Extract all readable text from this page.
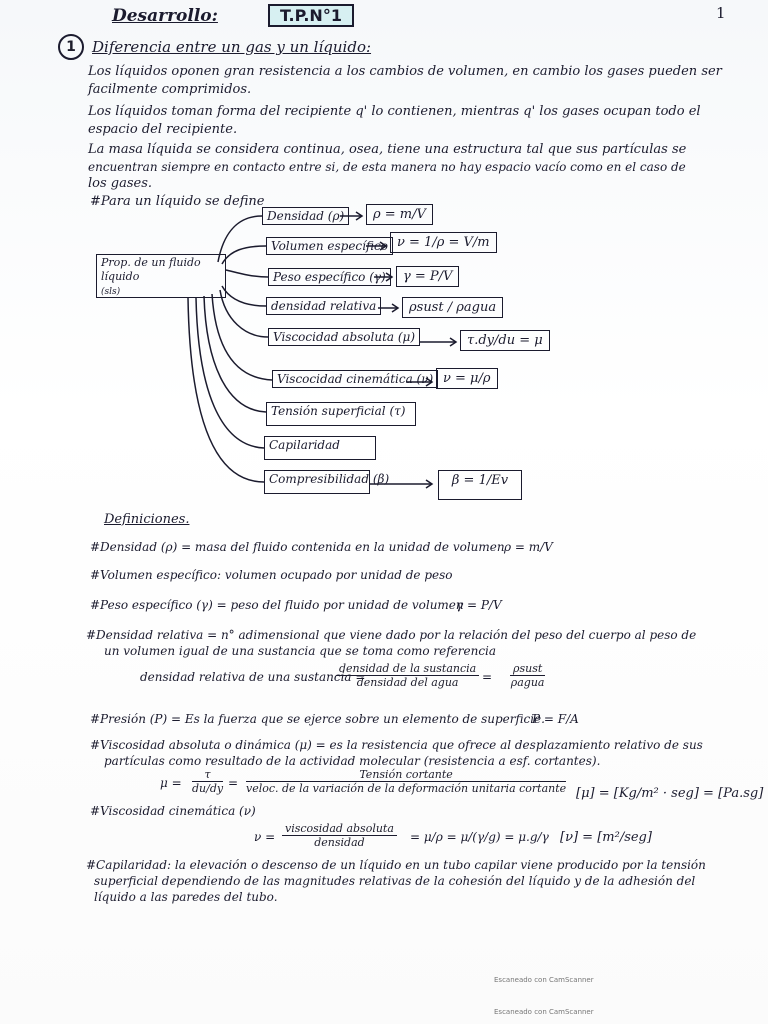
Desarrollo:	T.P.N°1	1
1	Diferencia entre un gas y un líquido:
Los líquidos oponen gran resistencia a los cambios de volumen, en cambio los gases pueden ser
facilmente comprimidos.
Los líquidos toman forma del recipiente q' lo contienen, mientras q' los gases ocupan todo el
espacio del recipiente.
La masa líquida se considera continua, osea, tiene una estructura tal que sus partículas se
encuentran siempre en contacto entre si, de esta manera no hay espacio vacío como en el caso de
los gases.
#Para un líquido se define
Prop. de un fluido líquido
(sls)
Densidad (ρ)	ρ = m/V
Volumen específico ν = 1/ρ = V/m
Peso específico (γ)	γ = P/V
densidad relativa	ρsust / ρagua
Viscocidad absoluta (μ)	τ.dy/du = μ
Viscocidad cinemática (ν) ν = μ/ρ
Tensión superficial (τ)
Capilaridad
Compresibilidad (β)	β = 1/Ev
Definiciones.
#Densidad (ρ) = masa del fluido contenida en la unidad de volumen ρ = m/V
#Volumen específico: volumen ocupado por unidad de peso
#Peso específico (γ) = peso del fluido por unidad de volumen
γ = P/V
#Densidad relativa = n° adimensional que viene dado por la relación del peso del cuerpo al peso de
un volumen igual de una sustancia que se toma como referencia
densidad relativa de una sustancia =
densidad de la sustancia
densidad del agua	=
ρsust
ρagua
#Presión (P) = Es la fuerza que se ejerce sobre un elemento de superficie.
P = F/A
#Viscosidad absoluta o dinámica (μ) = es la resistencia que ofrece al desplazamiento relativo de sus
partículas como resultado de la actividad molecular (resistencia a esf. cortantes).
$\mu = \frac{\tau}{du/dy}$ =
Tensión cortante
veloc. de la variación de la deformación unitaria cortante [μ] = [Kg/m² · seg] = [Pa.sg]
#Viscosidad cinemática (ν)
ν =
viscosidad absoluta
densidad	= μ/ρ = μ/(γ/g) = μ.g/γ [ν] = [m²/seg]
#Capilaridad: la elevación o descenso de un líquido en un tubo capilar viene producido por la tensión
superficial dependiendo de las magnitudes relativas de la cohesión del líquido y de la adhesión del
líquido a las paredes del tubo.
Escaneado con CamScanner
Escaneado con CamScanner
